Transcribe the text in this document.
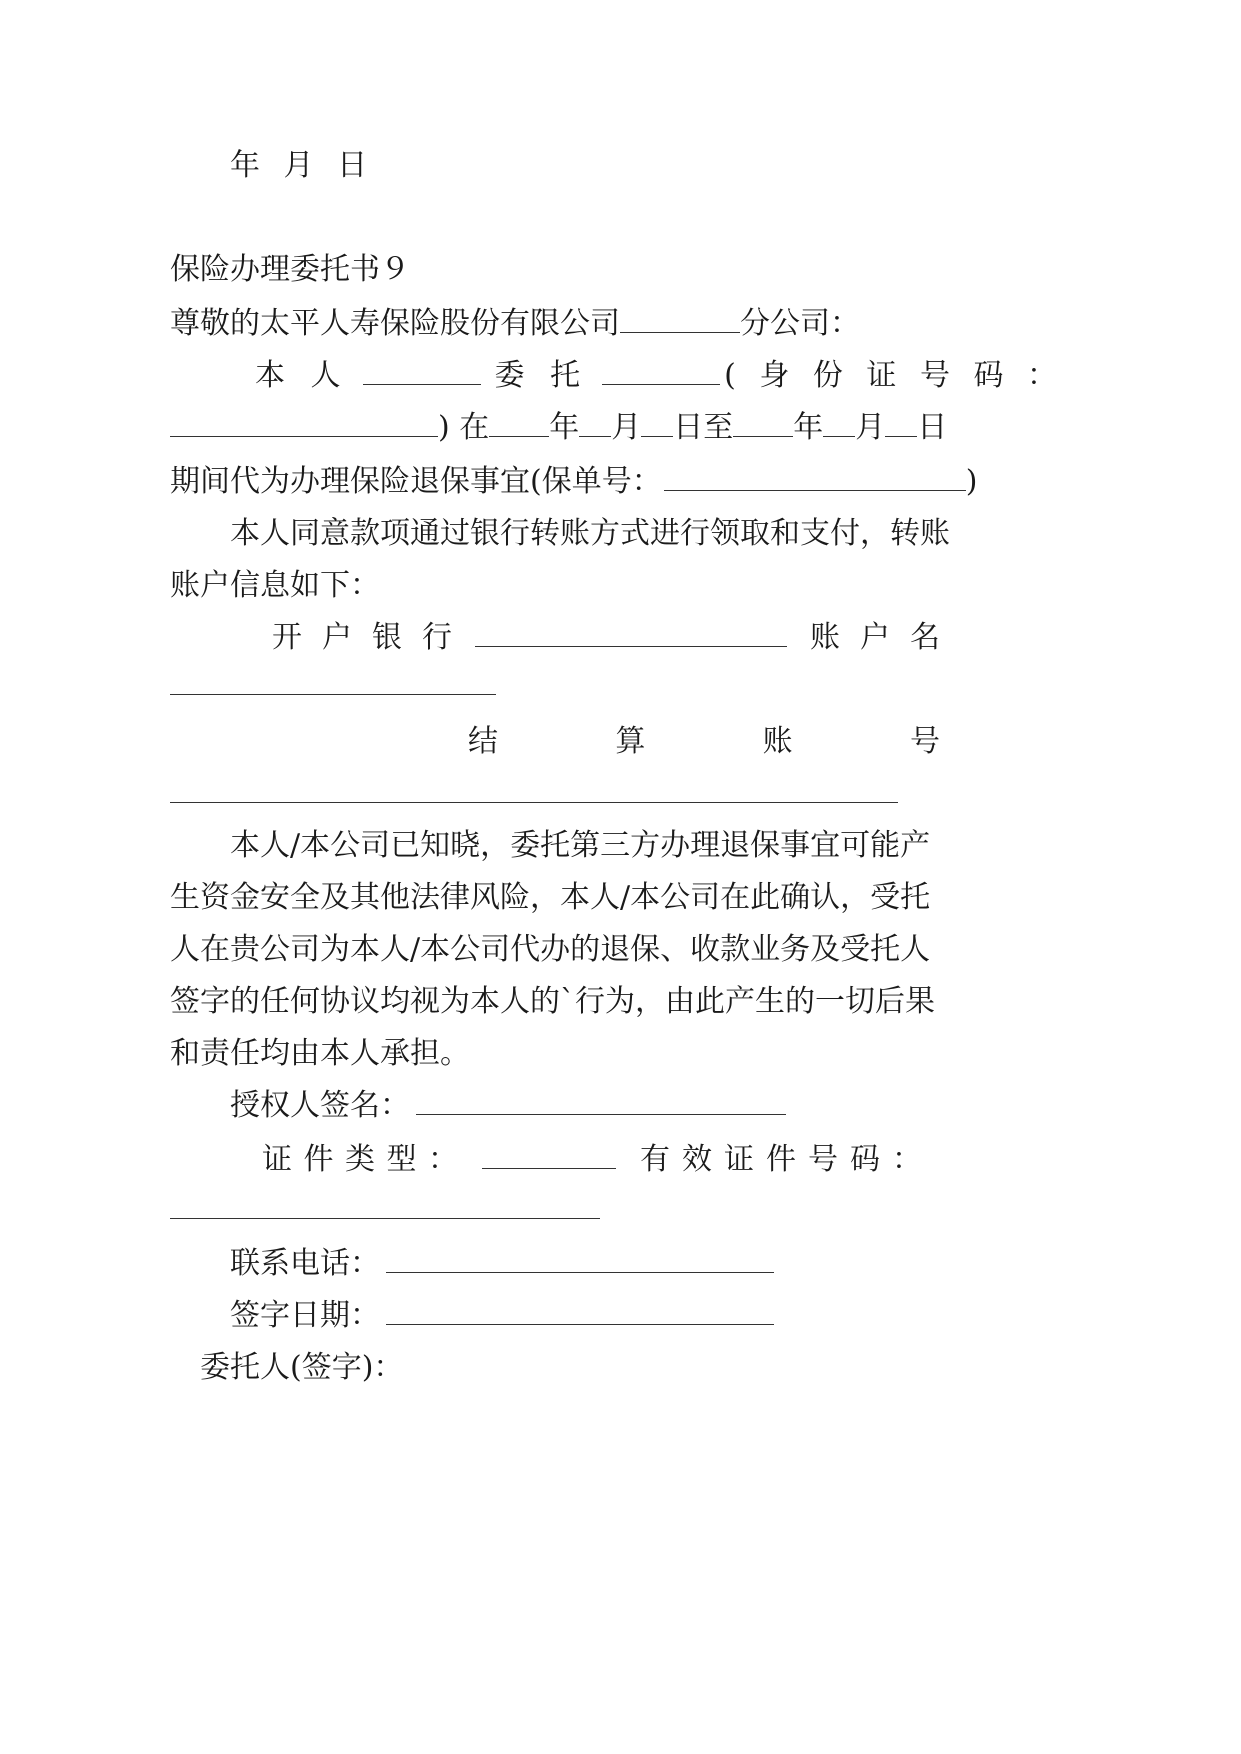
年 月 日
保险办理委托书９
尊敬的太平人寿保险股份有限公司	分公司：
本 人	委 托	( 身 份 证 号 码 ：
) 在 年 月 日至 年 月 日
期间代为办理保险退保事宜(保单号：	)
本人同意款项通过银行转账方式进行领取和支付，转账
账户信息如下：
开 户 银 行	账 户 名
结	算	账	号
本人/本公司已知晓，委托第三方办理退保事宜可能产
生资金安全及其他法律风险，本人/本公司在此确认，受托
人在贵公司为本人/本公司代办的退保、收款业务及受托人
签字的任何协议均视为本人的`行为，由此产生的一切后果
和责任均由本人承担。
授权人签名：
证 件 类 型 ：	有 效 证 件 号 码 ：
联系电话：
签字日期：
委托人(签字)：
